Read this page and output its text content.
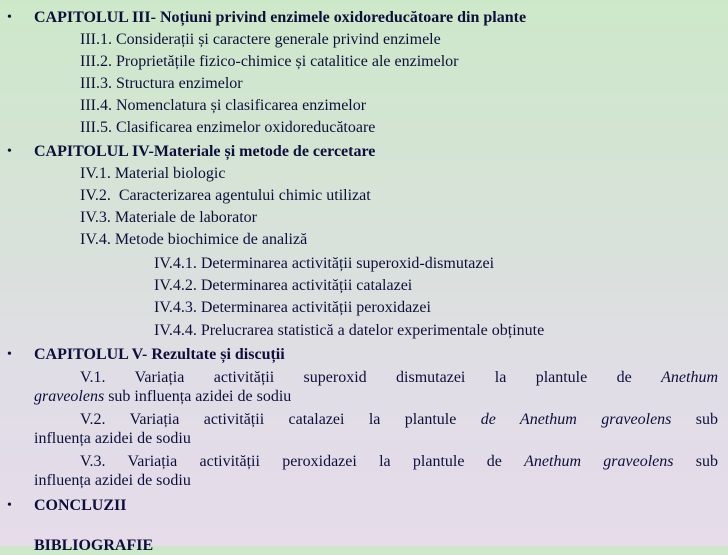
• CAPITOLUL III- Noțiuni privind enzimele oxidoreducătoare din plante
III.1. Considerații și caractere generale privind enzimele
III.2. Proprietățile fizico-chimice și catalitice ale enzimelor
III.3. Structura enzimelor
III.4. Nomenclatura și clasificarea enzimelor
III.5. Clasificarea enzimelor oxidoreducătoare
• CAPITOLUL IV-Materiale și metode de cercetare
IV.1. Material biologic
IV.2.  Caracterizarea agentului chimic utilizat
IV.3. Materiale de laborator
IV.4. Metode biochimice de analiză
IV.4.1. Determinarea activității superoxid-dismutazei
IV.4.2. Determinarea activității catalazei
IV.4.3. Determinarea activității peroxidazei
IV.4.4. Prelucrarea statistică a datelor experimentale obținute
• CAPITOLUL V- Rezultate și discuții
V.1. Variația activității superoxid dismutazei la plantule de Anethum
graveolens sub influența azidei de sodiu
V.2. Variația activității catalazei la plantule de Anethum graveolens sub
influența azidei de sodiu
V.3. Variația activității peroxidazei la plantule de Anethum graveolens sub
influența azidei de sodiu
• CONCLUZII
BIBLIOGRAFIE
